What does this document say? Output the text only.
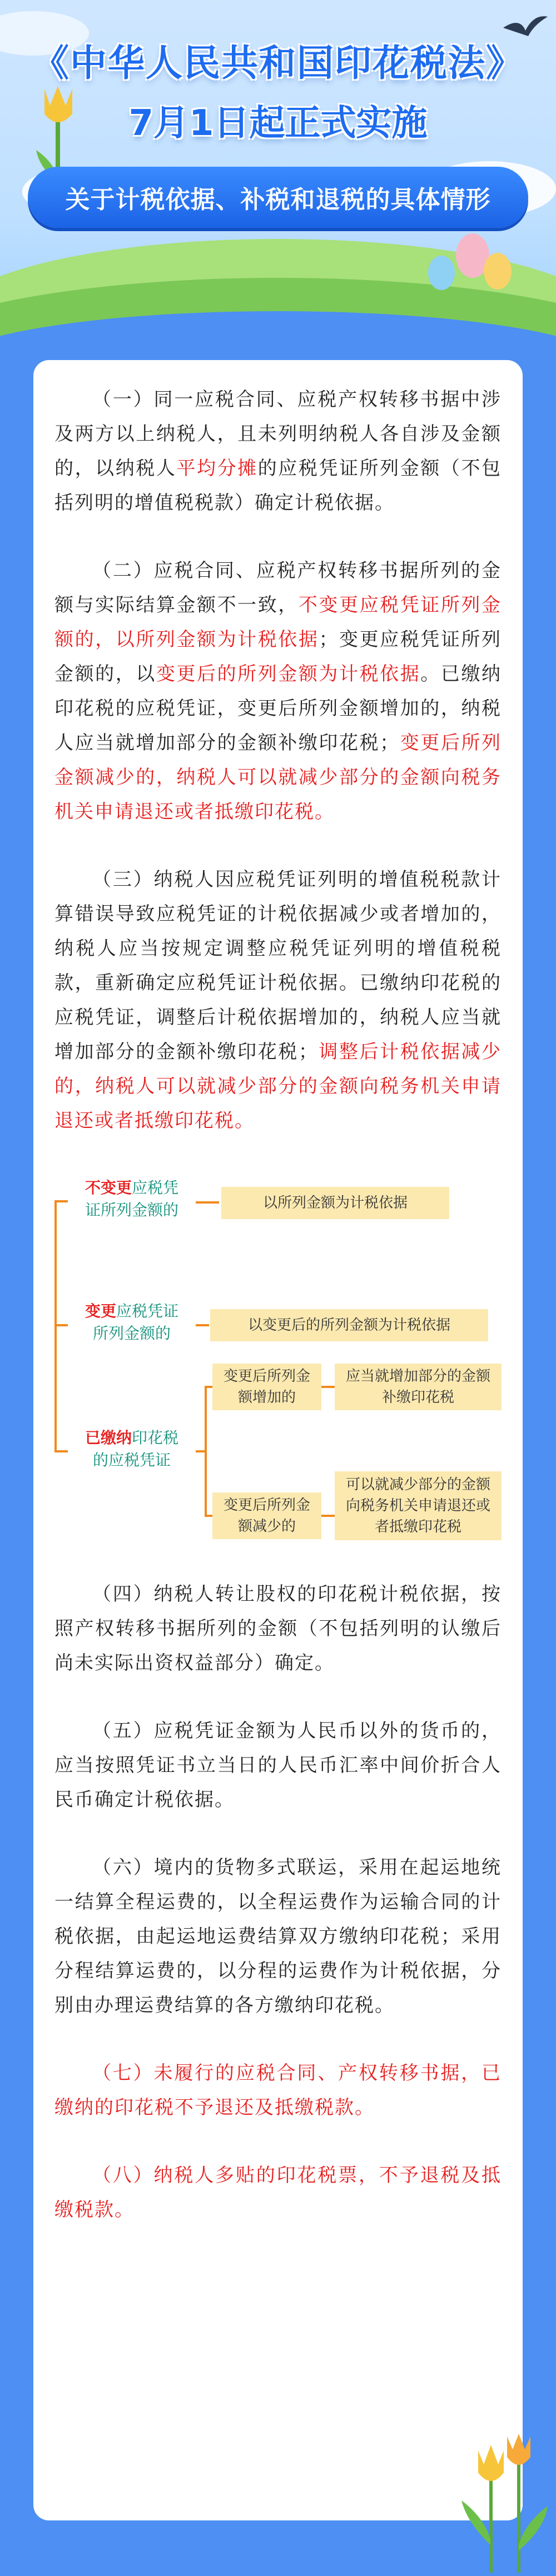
《中华人民共和国印花税法》
7月1日起正式实施
关于计税依据、补税和退税的具体情形

（一）同一应税合同、应税产权转移书据中涉及两方以上纳税人，且未列明纳税人各自涉及金额的，以纳税人平均分摊的应税凭证所列金额（不包括列明的增值税税款）确定计税依据。

（二）应税合同、应税产权转移书据所列的金额与实际结算金额不一致，不变更应税凭证所列金额的，以所列金额为计税依据；变更应税凭证所列金额的，以变更后的所列金额为计税依据。已缴纳印花税的应税凭证，变更后所列金额增加的，纳税人应当就增加部分的金额补缴印花税；变更后所列金额减少的，纳税人可以就减少部分的金额向税务机关申请退还或者抵缴印花税。

（三）纳税人因应税凭证列明的增值税税款计算错误导致应税凭证的计税依据减少或者增加的，纳税人应当按规定调整应税凭证列明的增值税税款，重新确定应税凭证计税依据。已缴纳印花税的应税凭证，调整后计税依据增加的，纳税人应当就增加部分的金额补缴印花税；调整后计税依据减少的，纳税人可以就减少部分的金额向税务机关申请退还或者抵缴印花税。

不变更应税凭
证所列金额的	以所列金额为计税依据
变更应税凭证
所列金额的	以变更后的所列金额为计税依据
已缴纳印花税
的应税凭证
变更后所列金额增加的
应当就增加部分的金额补缴印花税
变更后所列金额减少的
可以就减少部分的金额向税务机关申请退还或者抵缴印花税

（四）纳税人转让股权的印花税计税依据，按照产权转移书据所列的金额（不包括列明的认缴后尚未实际出资权益部分）确定。

（五）应税凭证金额为人民币以外的货币的，应当按照凭证书立当日的人民币汇率中间价折合人民币确定计税依据。

（六）境内的货物多式联运，采用在起运地统一结算全程运费的，以全程运费作为运输合同的计税依据，由起运地运费结算双方缴纳印花税；采用分程结算运费的，以分程的运费作为计税依据，分别由办理运费结算的各方缴纳印花税。

（七）未履行的应税合同、产权转移书据，已缴纳的印花税不予退还及抵缴税款。

（八）纳税人多贴的印花税票，不予退税及抵缴税款。
